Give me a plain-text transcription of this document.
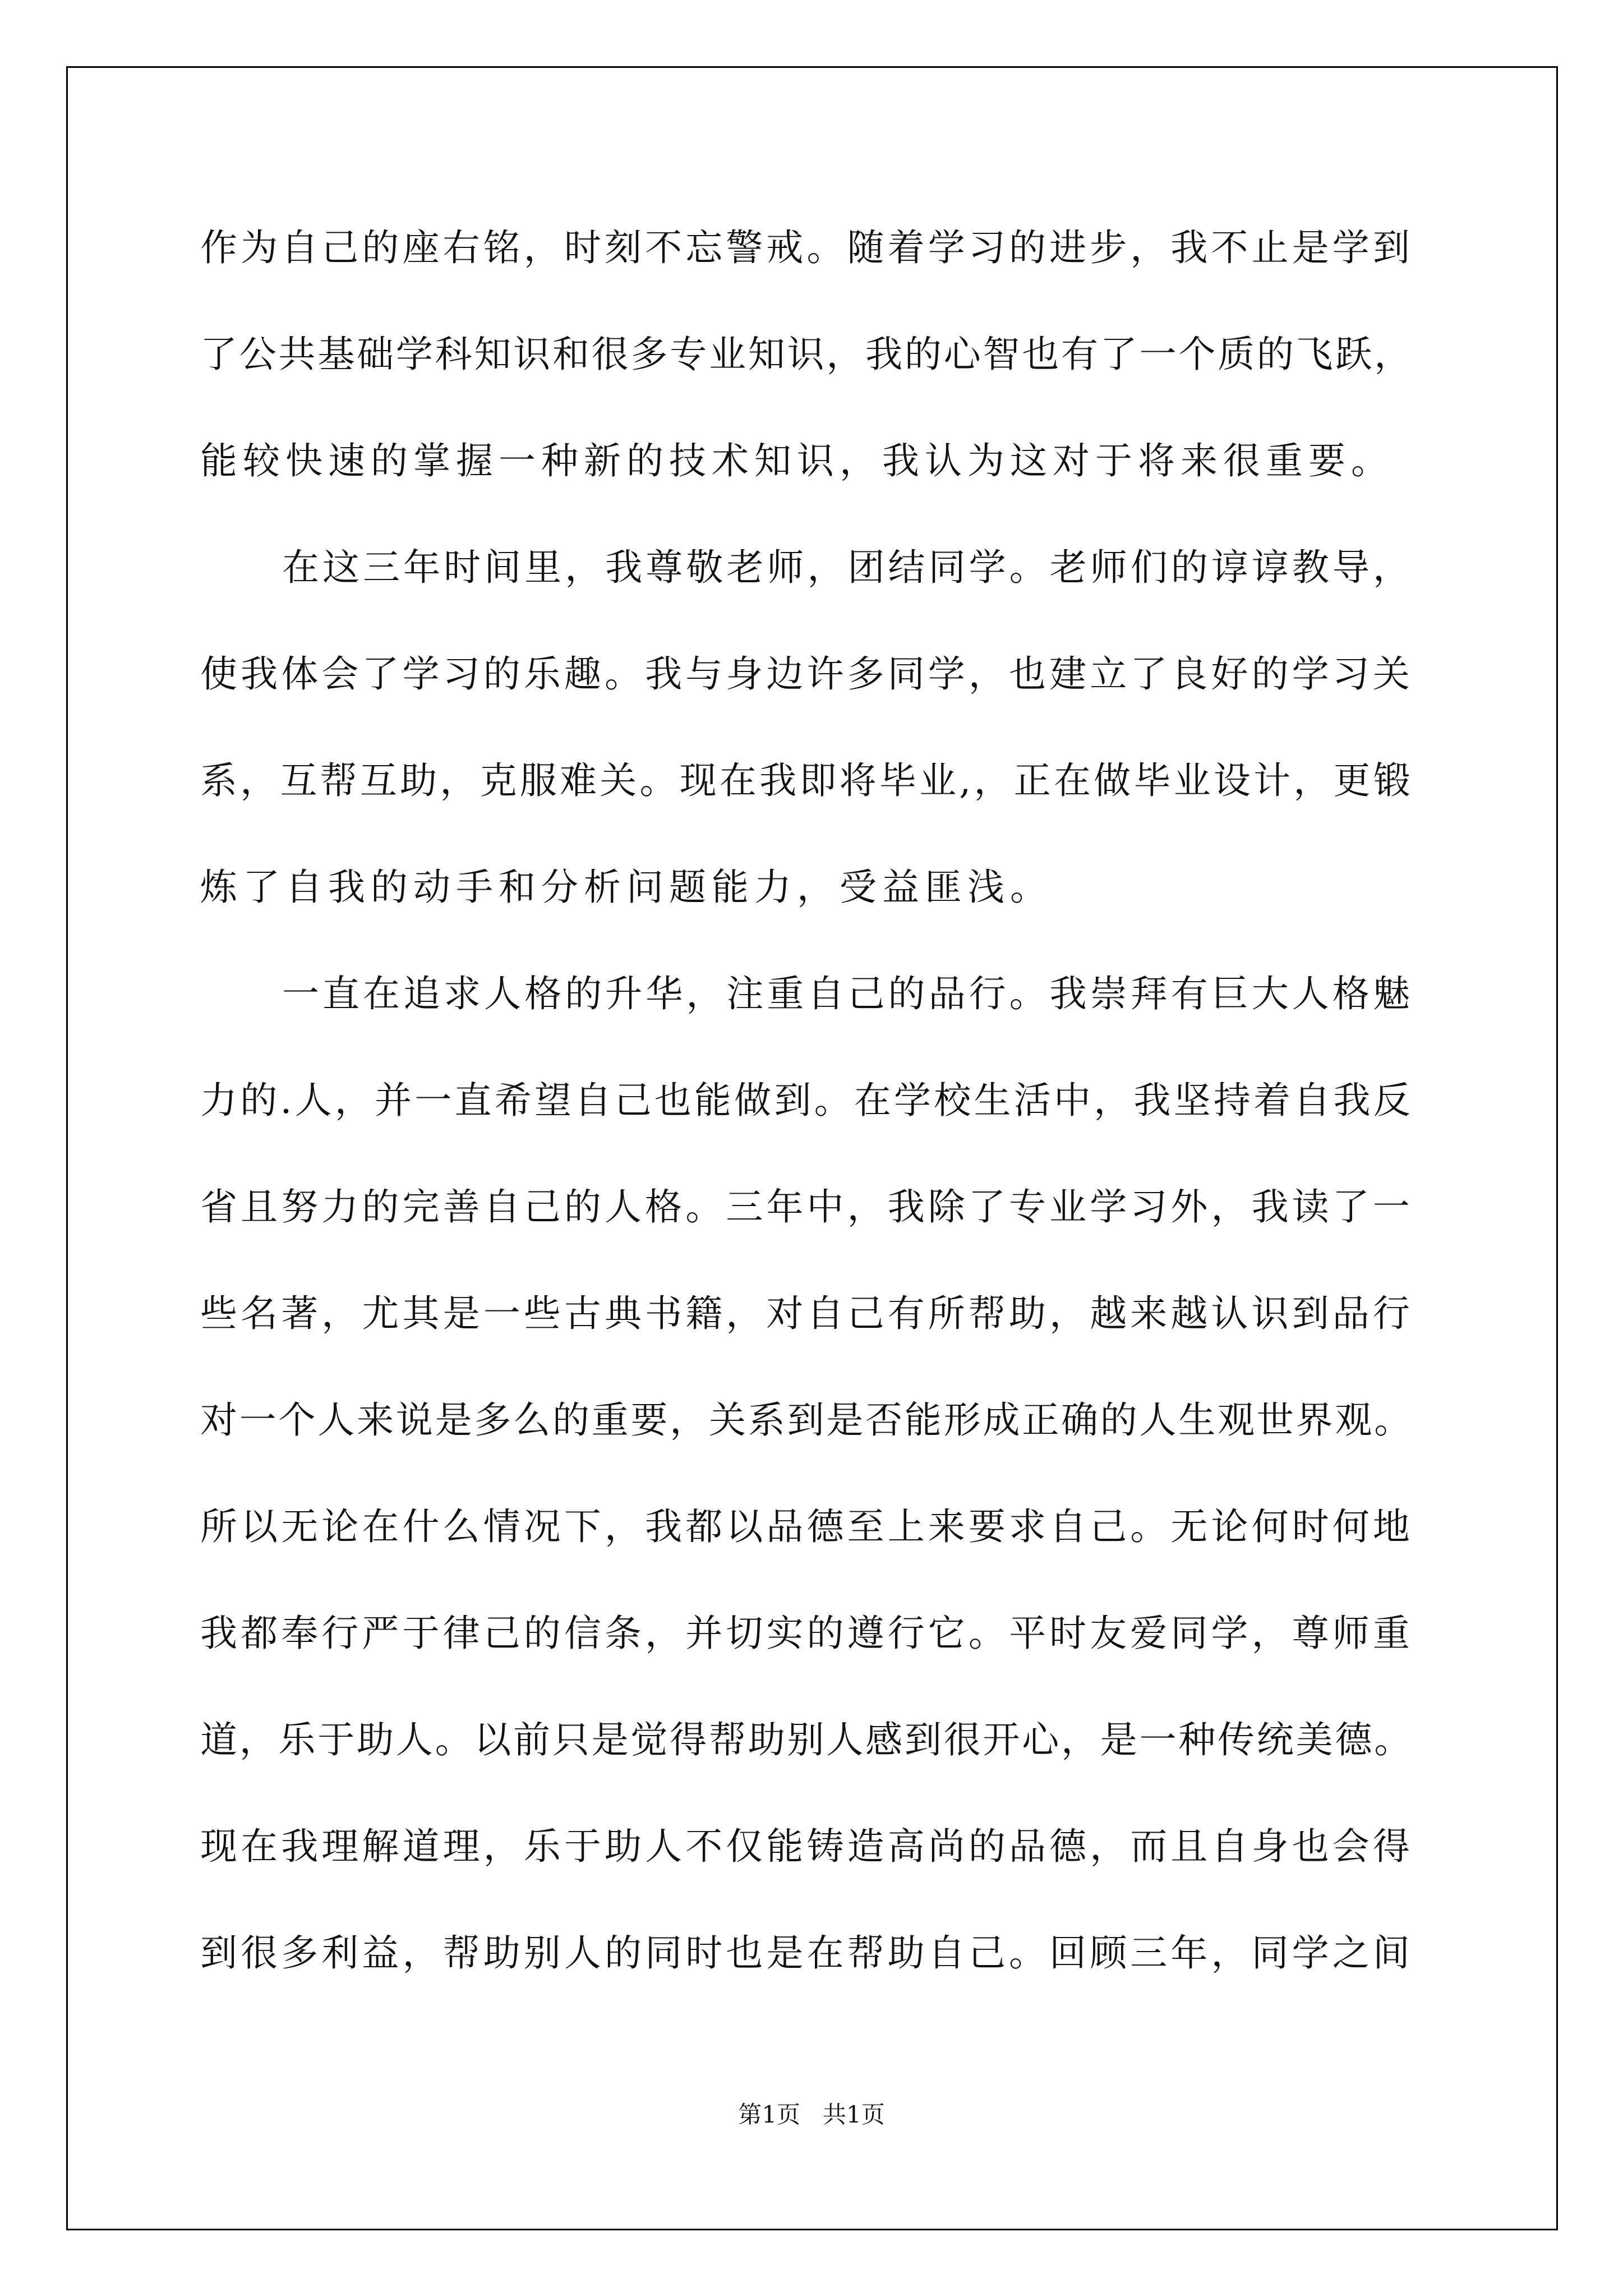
作为自己的座右铭，时刻不忘警戒。随着学习的进步，我不止是学到
了公共基础学科知识和很多专业知识，我的心智也有了一个质的飞跃，
能较快速的掌握一种新的技术知识，我认为这对于将来很重要。
在这三年时间里，我尊敬老师，团结同学。老师们的谆谆教导，
使我体会了学习的乐趣。我与身边许多同学，也建立了良好的学习关
系，互帮互助，克服难关。现在我即将毕业,，正在做毕业设计，更锻
炼了自我的动手和分析问题能力，受益匪浅。
一直在追求人格的升华，注重自己的品行。我崇拜有巨大人格魅
力的.人，并一直希望自己也能做到。在学校生活中，我坚持着自我反
省且努力的完善自己的人格。三年中，我除了专业学习外，我读了一
些名著，尤其是一些古典书籍，对自己有所帮助，越来越认识到品行
对一个人来说是多么的重要，关系到是否能形成正确的人生观世界观。
所以无论在什么情况下，我都以品德至上来要求自己。无论何时何地
我都奉行严于律己的信条，并切实的遵行它。平时友爱同学，尊师重
道，乐于助人。以前只是觉得帮助别人感到很开心，是一种传统美德。
现在我理解道理，乐于助人不仅能铸造高尚的品德，而且自身也会得
到很多利益，帮助别人的同时也是在帮助自己。回顾三年，同学之间
第1页   共1页
